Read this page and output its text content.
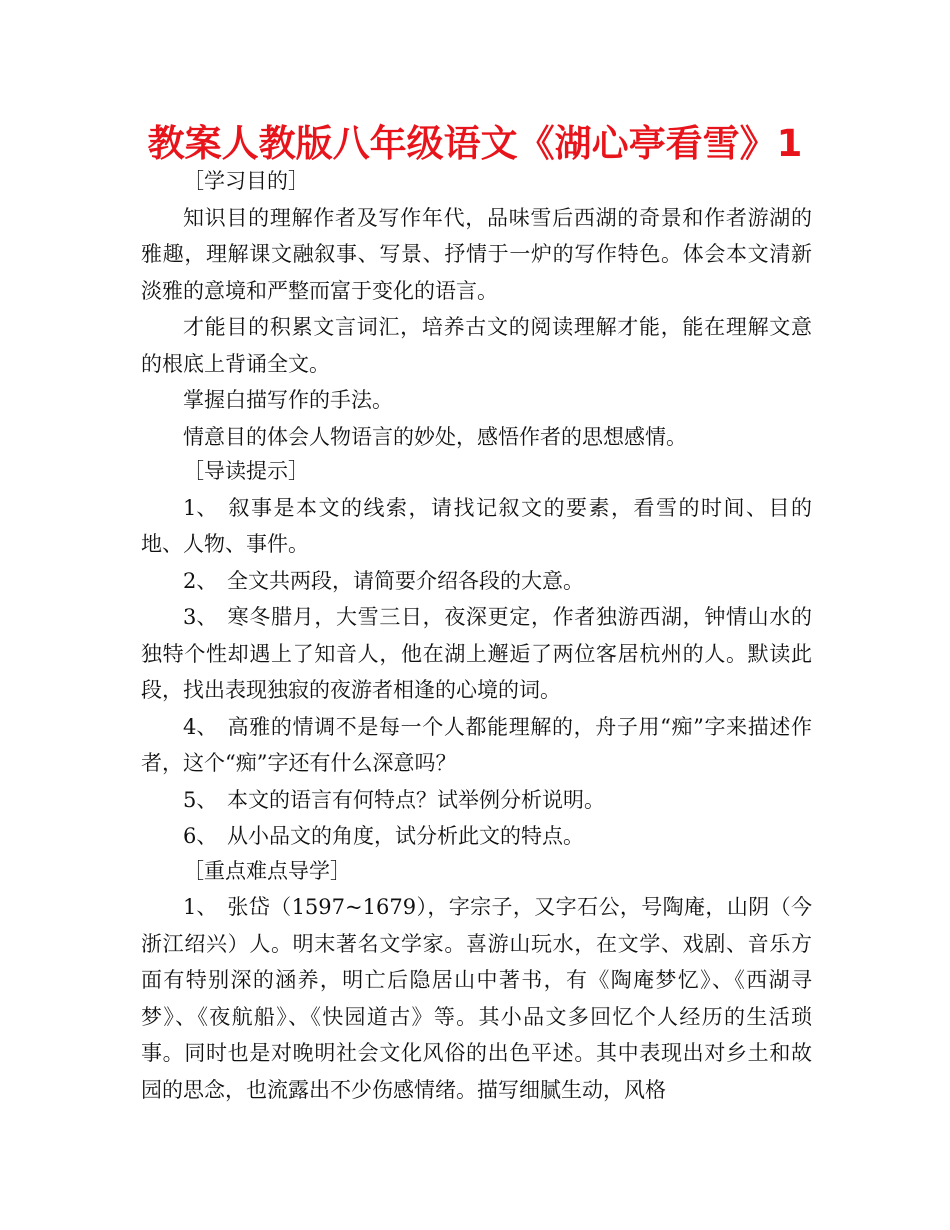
教案人教版八年级语文《湖心亭看雪》1

［学习目的］

知识目的理解作者及写作年代，品味雪后西湖的奇景和作者游湖的雅趣，理解课文融叙事、写景、抒情于一炉的写作特色。体会本文清新淡雅的意境和严整而富于变化的语言。

才能目的积累文言词汇，培养古文的阅读理解才能，能在理解文意的根底上背诵全文。

掌握白描写作的手法。

情意目的体会人物语言的妙处，感悟作者的思想感情。

［导读提示］

1、 叙事是本文的线索，请找记叙文的要素，看雪的时间、目的地、人物、事件。

2、 全文共两段，请简要介绍各段的大意。

3、 寒冬腊月，大雪三日，夜深更定，作者独游西湖，钟情山水的独特个性却遇上了知音人，他在湖上邂逅了两位客居杭州的人。默读此段，找出表现独寂的夜游者相逢的心境的词。

4、 高雅的情调不是每一个人都能理解的，舟子用“痴”字来描述作者，这个“痴”字还有什么深意吗？

5、 本文的语言有何特点？试举例分析说明。

6、 从小品文的角度，试分析此文的特点。

［重点难点导学］

1、 张岱（1597~1679），字宗子，又字石公，号陶庵，山阴（今浙江绍兴）人。明末著名文学家。喜游山玩水，在文学、戏剧、音乐方面有特别深的涵养，明亡后隐居山中著书，有《陶庵梦忆》、《西湖寻梦》、《夜航船》、《快园道古》等。其小品文多回忆个人经历的生活琐事。同时也是对晚明社会文化风俗的出色平述。其中表现出对乡土和故园的思念，也流露出不少伤感情绪。描写细腻生动，风格
